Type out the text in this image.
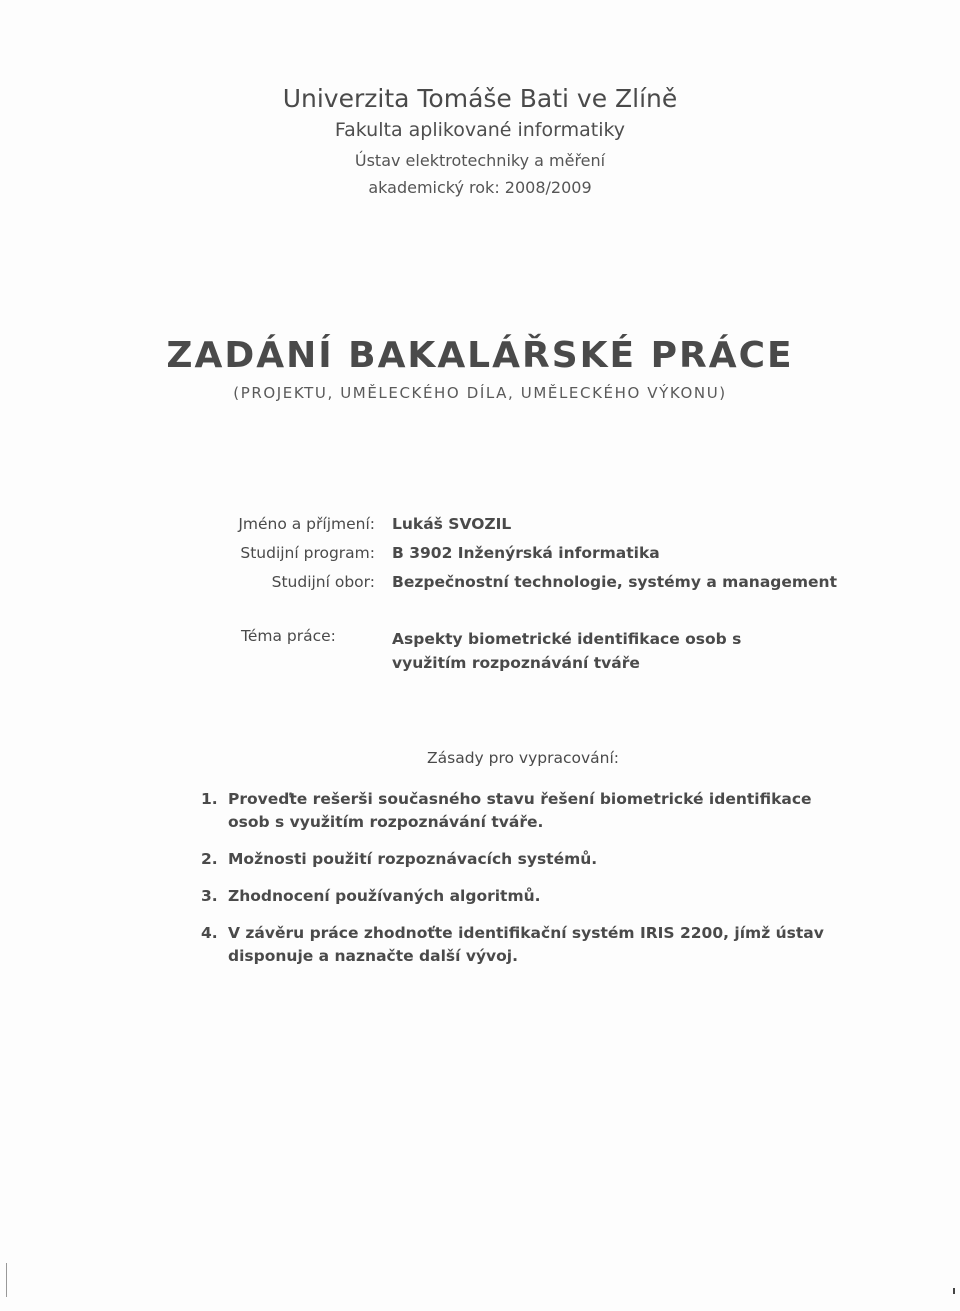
Univerzita Tomáše Bati ve Zlíně
Fakulta aplikované informatiky
Ústav elektrotechniky a měření
akademický rok: 2008/2009
ZADÁNÍ BAKALÁŘSKÉ PRÁCE
(PROJEKTU, UMĚLECKÉHO DÍLA, UMĚLECKÉHO VÝKONU)
Jméno a příjmení: Lukáš SVOZIL
Studijní program: B 3902 Inženýrská informatika
Studijní obor: Bezpečnostní technologie, systémy a management
Téma práce:	Aspekty biometrické identifikace osob s využitím rozpoznávání tváře
Zásady pro vypracování:
1. Proveďte rešerši současného stavu řešení biometrické identifikace osob s využitím rozpoznávání tváře.
2. Možnosti použití rozpoznávacích systémů.
3. Zhodnocení používaných algoritmů.
4. V závěru práce zhodnoťte identifikační systém IRIS 2200, jímž ústav disponuje a naznačte další vývoj.
